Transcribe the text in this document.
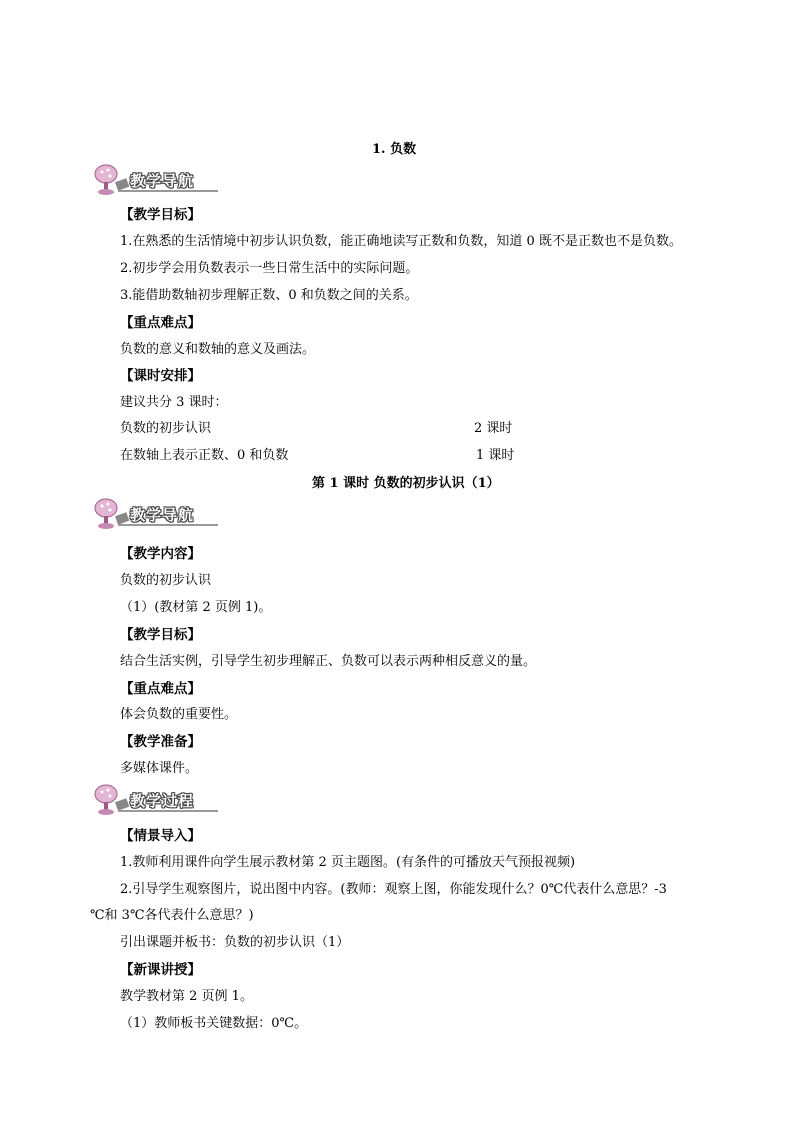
1. 负数
教学导航
【教学目标】
1.在熟悉的生活情境中初步认识负数，能正确地读写正数和负数，知道 0 既不是正数也不是负数。
2.初步学会用负数表示一些日常生活中的实际问题。
3.能借助数轴初步理解正数、0 和负数之间的关系。
【重点难点】
负数的意义和数轴的意义及画法。
【课时安排】
建议共分 3 课时：
负数的初步认识	2 课时
在数轴上表示正数、0 和负数	1 课时
第 1 课时 负数的初步认识（1）
教学导航
【教学内容】
负数的初步认识
（1）(教材第 2 页例 1)。
【教学目标】
结合生活实例，引导学生初步理解正、负数可以表示两种相反意义的量。
【重点难点】
体会负数的重要性。
【教学准备】
多媒体课件。
教学过程
【情景导入】
1.教师利用课件向学生展示教材第 2 页主题图。(有条件的可播放天气预报视频)
2.引导学生观察图片，说出图中内容。(教师：观察上图，你能发现什么？0℃代表什么意思？-3
℃和 3℃各代表什么意思？)
引出课题并板书：负数的初步认识（1）
【新课讲授】
教学教材第 2 页例 1。
（1）教师板书关键数据：0℃。
